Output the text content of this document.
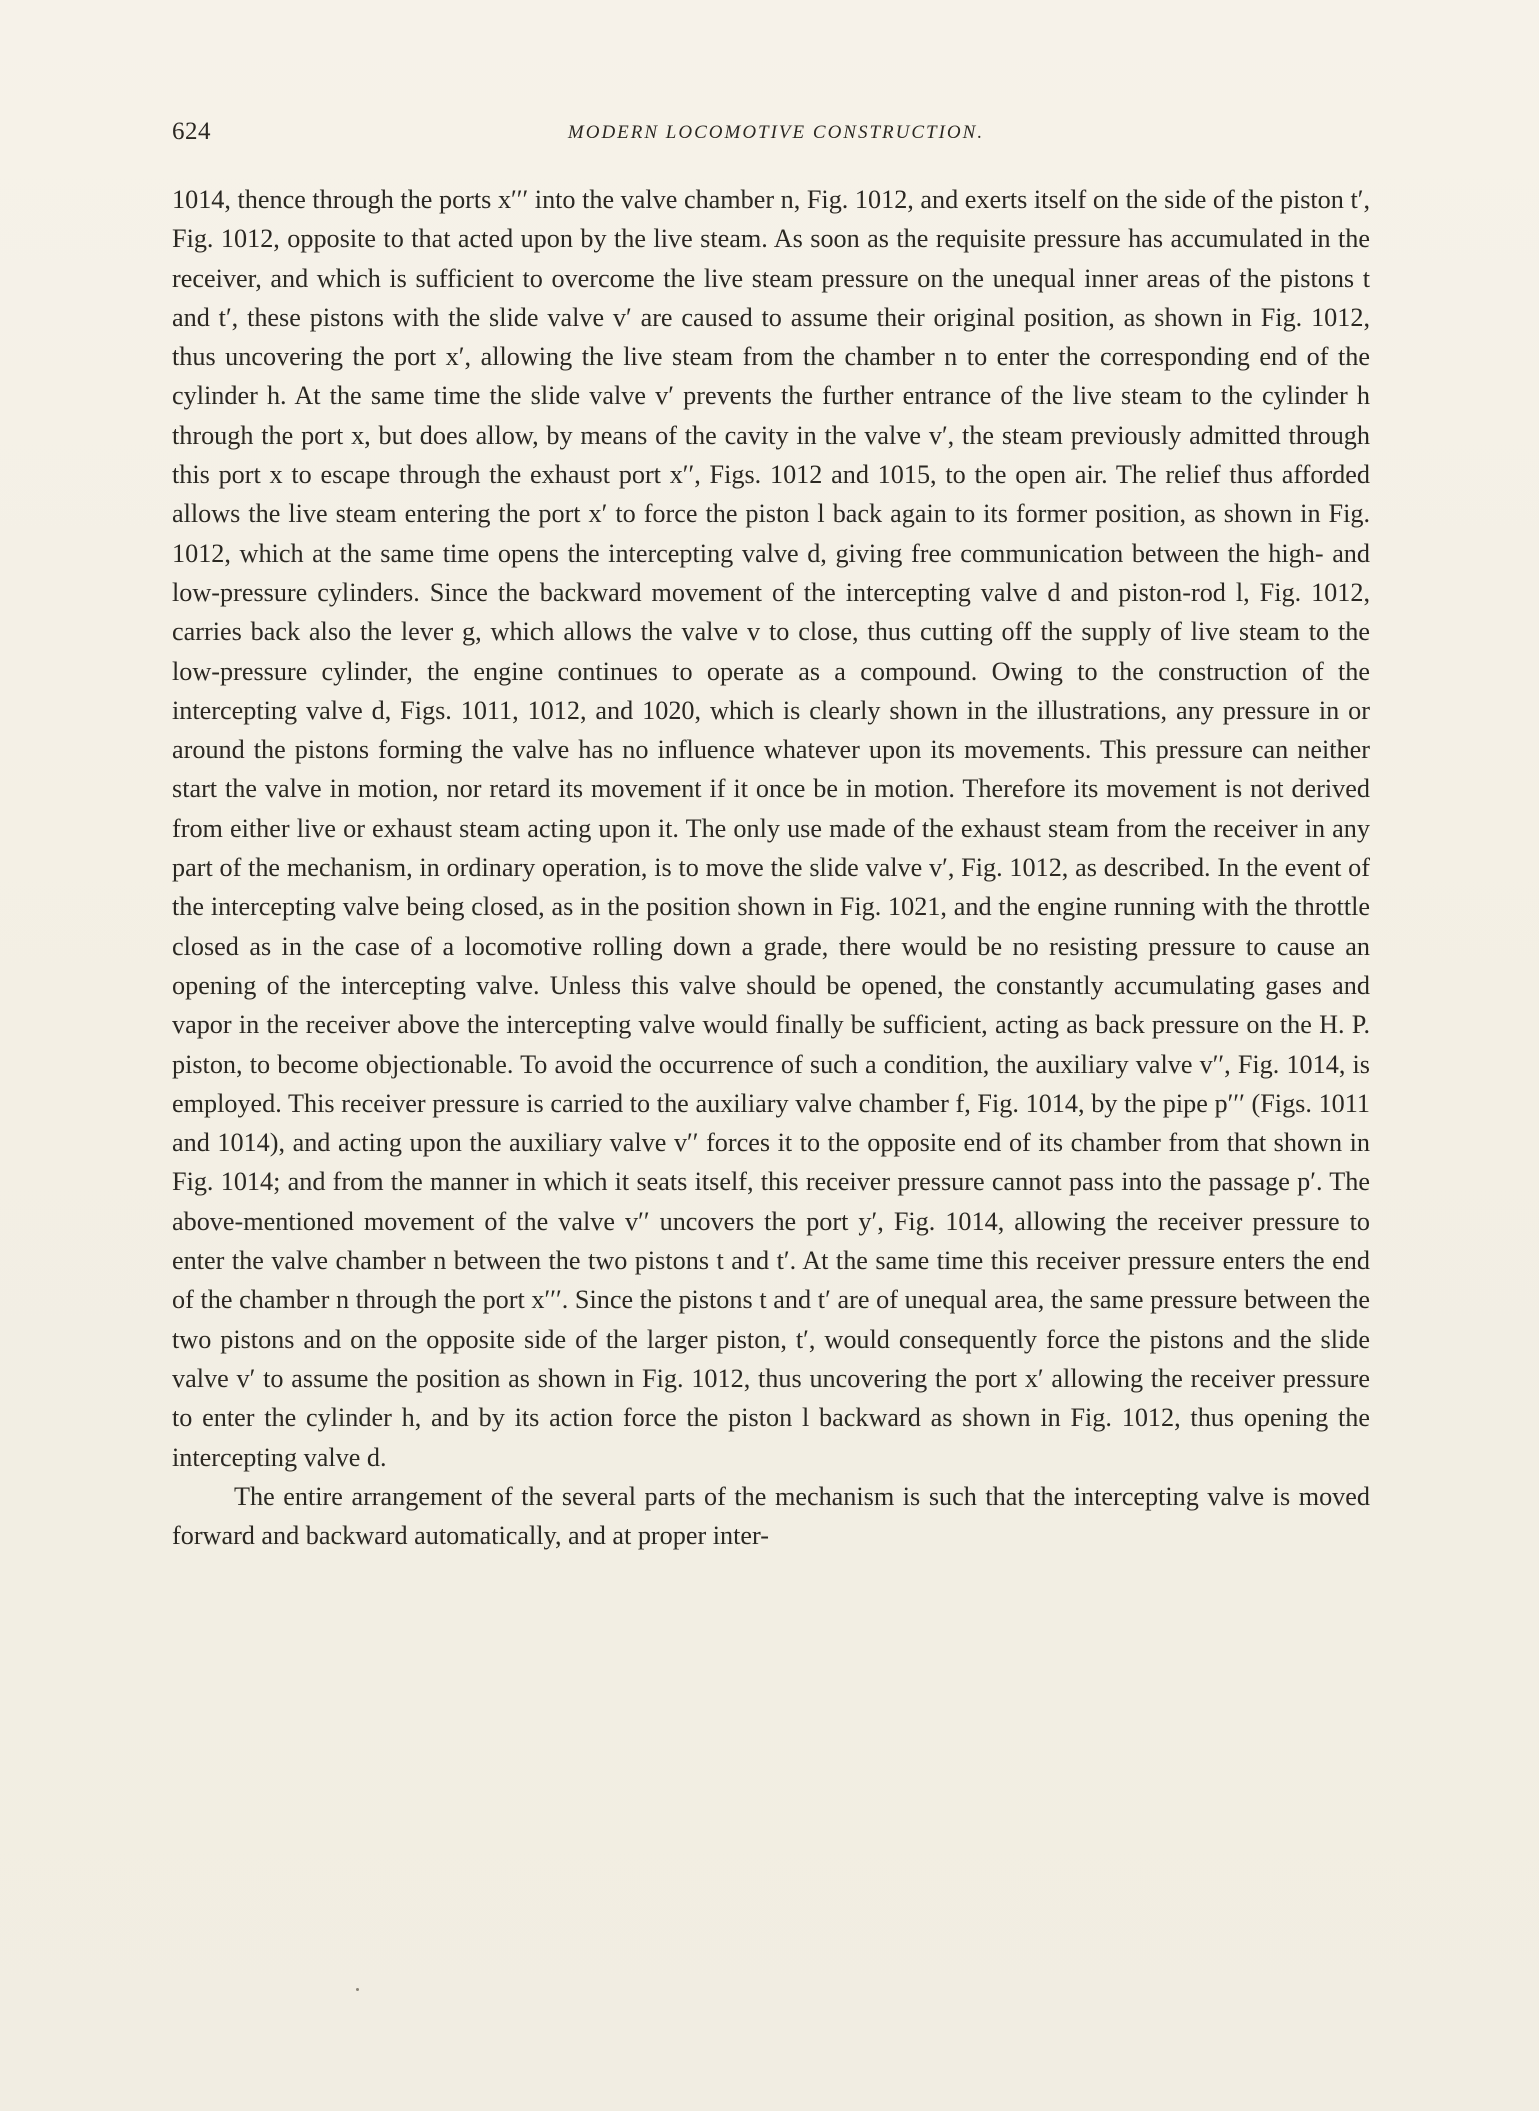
624	MODERN LOCOMOTIVE CONSTRUCTION.

1014, thence through the ports x′′′ into the valve chamber n, Fig. 1012, and exerts itself on the side of the piston t′, Fig. 1012, opposite to that acted upon by the live steam. As soon as the requisite pressure has accumulated in the receiver, and which is sufficient to overcome the live steam pressure on the unequal inner areas of the pistons t and t′, these pistons with the slide valve v′ are caused to assume their original position, as shown in Fig. 1012, thus uncovering the port x′, allowing the live steam from the chamber n to enter the corresponding end of the cylinder h. At the same time the slide valve v′ prevents the further entrance of the live steam to the cylinder h through the port x, but does allow, by means of the cavity in the valve v′, the steam previously admitted through this port x to escape through the exhaust port x′′, Figs. 1012 and 1015, to the open air. The relief thus afforded allows the live steam entering the port x′ to force the piston l back again to its former position, as shown in Fig. 1012, which at the same time opens the intercepting valve d, giving free communication between the high- and low-pressure cylinders. Since the backward movement of the intercepting valve d and piston-rod l, Fig. 1012, carries back also the lever g, which allows the valve v to close, thus cutting off the supply of live steam to the low-pressure cylinder, the engine continues to operate as a compound. Owing to the construction of the intercepting valve d, Figs. 1011, 1012, and 1020, which is clearly shown in the illustrations, any pressure in or around the pistons forming the valve has no influence whatever upon its movements. This pressure can neither start the valve in motion, nor retard its movement if it once be in motion. Therefore its movement is not derived from either live or exhaust steam acting upon it. The only use made of the exhaust steam from the receiver in any part of the mechanism, in ordinary operation, is to move the slide valve v′, Fig. 1012, as described. In the event of the intercepting valve being closed, as in the position shown in Fig. 1021, and the engine running with the throttle closed as in the case of a locomotive rolling down a grade, there would be no resisting pressure to cause an opening of the intercepting valve. Unless this valve should be opened, the constantly accumulating gases and vapor in the receiver above the intercepting valve would finally be sufficient, acting as back pressure on the H. P. piston, to become objectionable. To avoid the occurrence of such a condition, the auxiliary valve v′′, Fig. 1014, is employed. This receiver pressure is carried to the auxiliary valve chamber f, Fig. 1014, by the pipe p′′′ (Figs. 1011 and 1014), and acting upon the auxiliary valve v′′ forces it to the opposite end of its chamber from that shown in Fig. 1014; and from the manner in which it seats itself, this receiver pressure cannot pass into the passage p′. The above-mentioned movement of the valve v′′ uncovers the port y′, Fig. 1014, allowing the receiver pressure to enter the valve chamber n between the two pistons t and t′. At the same time this receiver pressure enters the end of the chamber n through the port x′′′. Since the pistons t and t′ are of unequal area, the same pressure between the two pistons and on the opposite side of the larger piston, t′, would consequently force the pistons and the slide valve v′ to assume the position as shown in Fig. 1012, thus uncovering the port x′ allowing the receiver pressure to enter the cylinder h, and by its action force the piston l backward as shown in Fig. 1012, thus opening the intercepting valve d.

The entire arrangement of the several parts of the mechanism is such that the intercepting valve is moved forward and backward automatically, and at proper inter-
